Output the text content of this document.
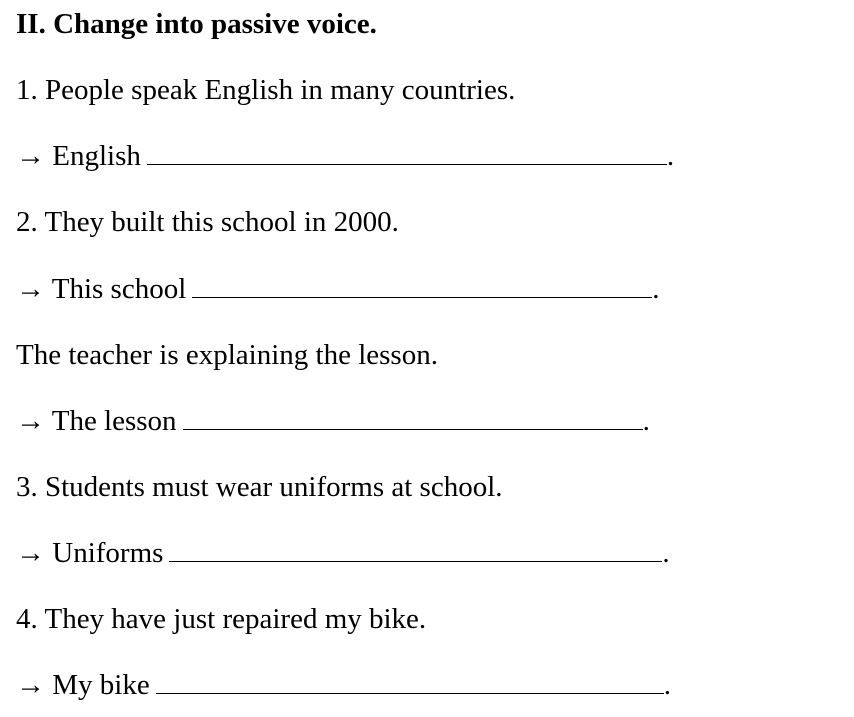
II. Change into passive voice.
1. People speak English in many countries.
→ English	.
2. They built this school in 2000.
→ This school	.
The teacher is explaining the lesson.
→ The lesson	.
3. Students must wear uniforms at school.
→ Uniforms	.
4. They have just repaired my bike.
→ My bike	.
